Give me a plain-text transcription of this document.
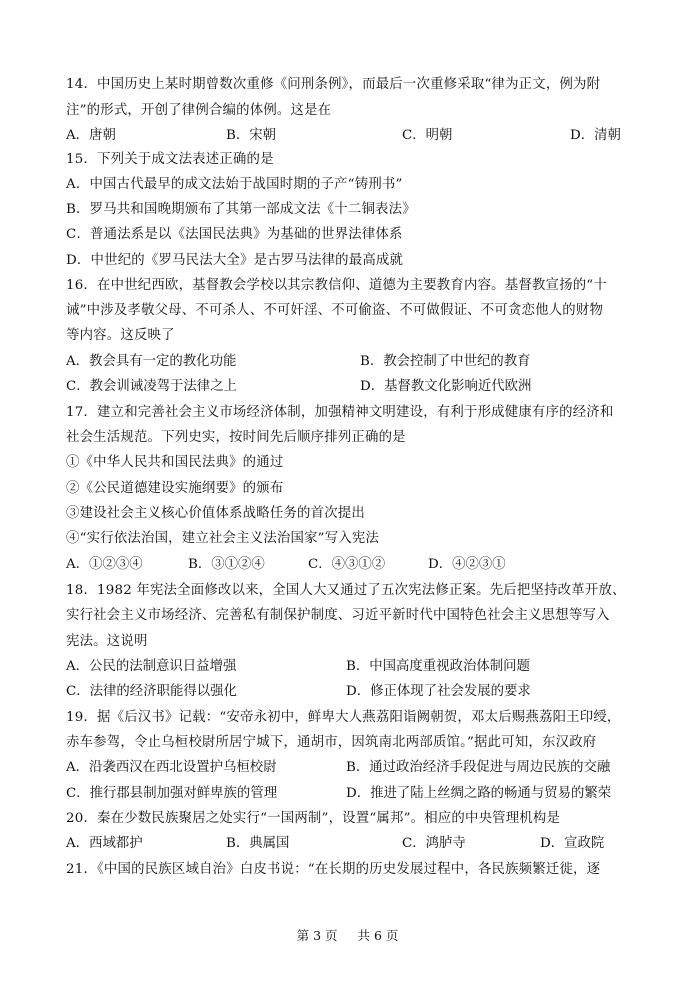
14．中国历史上某时期曾数次重修《问刑条例》，而最后一次重修采取“律为正文，例为附
注”的形式，开创了律例合编的体例。这是在
A．唐朝	B．宋朝	C．明朝	D．清朝
15．下列关于成文法表述正确的是
A．中国古代最早的成文法始于战国时期的子产“铸刑书”
B．罗马共和国晚期颁布了其第一部成文法《十二铜表法》
C．普通法系是以《法国民法典》为基础的世界法律体系
D．中世纪的《罗马民法大全》是古罗马法律的最高成就
16．在中世纪西欧，基督教会学校以其宗教信仰、道德为主要教育内容。基督教宣扬的“十
诫”中涉及孝敬父母、不可杀人、不可奸淫、不可偷盗、不可做假证、不可贪恋他人的财物
等内容。这反映了
A．教会具有一定的教化功能	B．教会控制了中世纪的教育
C．教会训诫凌驾于法律之上	D．基督教文化影响近代欧洲
17．建立和完善社会主义市场经济体制，加强精神文明建设，有利于形成健康有序的经济和
社会生活规范。下列史实，按时间先后顺序排列正确的是
①《中华人民共和国民法典》的通过
②《公民道德建设实施纲要》的颁布
③建设社会主义核心价值体系战略任务的首次提出
④“实行依法治国，建立社会主义法治国家”写入宪法
A．①②③④	B．③①②④	C．④③①②	D．④②③①
18．1982 年宪法全面修改以来，全国人大又通过了五次宪法修正案。先后把坚持改革开放、
实行社会主义市场经济、完善私有制保护制度、习近平新时代中国特色社会主义思想等写入
宪法。这说明
A．公民的法制意识日益增强	B．中国高度重视政治体制问题
C．法律的经济职能得以强化	D．修正体现了社会发展的要求
19．据《后汉书》记载：“安帝永初中，鲜卑大人燕荔阳诣阙朝贺，邓太后赐燕荔阳王印绶，
赤车参驾，令止乌桓校尉所居宁城下，通胡市，因筑南北两部质馆。”据此可知，东汉政府
A．沿袭西汉在西北设置护乌桓校尉	B．通过政治经济手段促进与周边民族的交融
C．推行郡县制加强对鲜卑族的管理	D．推进了陆上丝绸之路的畅通与贸易的繁荣
20．秦在少数民族聚居之处实行“一国两制”，设置“属邦”。相应的中央管理机构是
A．西域都护	B．典属国	C．鸿胪寺	D．宣政院
21．《中国的民族区域自治》白皮书说：“在长期的历史发展过程中，各民族频繁迁徙，逐
第 3 页 共 6 页
